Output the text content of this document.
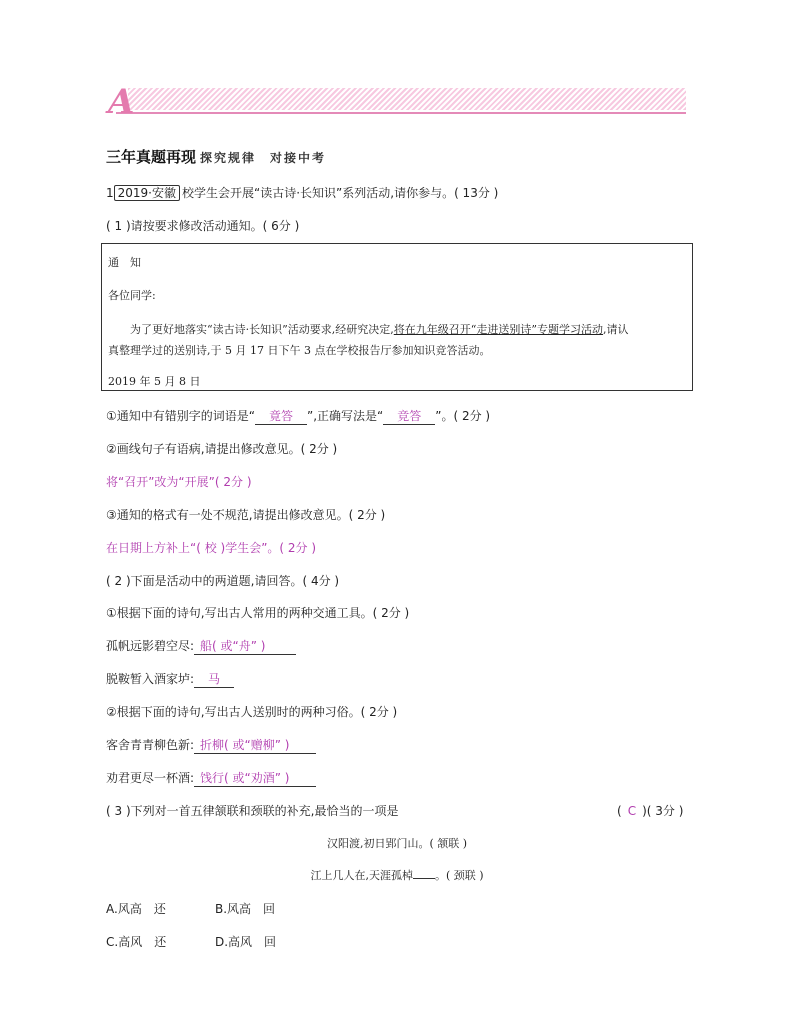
A
三年真题再现 探究规律　对接中考
1 2019·安徽 校学生会开展“读古诗·长知识”系列活动,请你参与。( 13分 )
( 1 )请按要求修改活动通知。( 6分 )
通　知
各位同学:
为了更好地落实“读古诗·长知识”活动要求,经研究决定,将在九年级召开“走进送别诗”专题学习活动,请认
真整理学过的送别诗,于 5 月 17 日下午 3 点在学校报告厅参加知识竞答活动。
2019 年 5 月 8 日
①通知中有错别字的词语是“ 竟答 ”,正确写法是“ 竞答 ”。( 2分 )
②画线句子有语病,请提出修改意见。( 2分 )
将“召开”改为“开展”( 2分 )
③通知的格式有一处不规范,请提出修改意见。( 2分 )
在日期上方补上“( 校 )学生会”。( 2分 )
( 2 )下面是活动中的两道题,请回答。( 4分 )
①根据下面的诗句,写出古人常用的两种交通工具。( 2分 )
孤帆远影碧空尽: 船( 或“舟” )
脱鞍暂入酒家垆: 马
②根据下面的诗句,写出古人送别时的两种习俗。( 2分 )
客舍青青柳色新: 折柳( 或“赠柳” )
劝君更尽一杯酒: 饯行( 或“劝酒” )
( 3 )下列对一首五律颔联和颈联的补充,最恰当的一项是	( C )( 3分 )
汉阳渡,初日郢门山。( 颔联 )
江上几人在,天涯孤棹 。( 颈联 )
A.风高　还	B.风高　回
C.高风　还	D.高风　回
